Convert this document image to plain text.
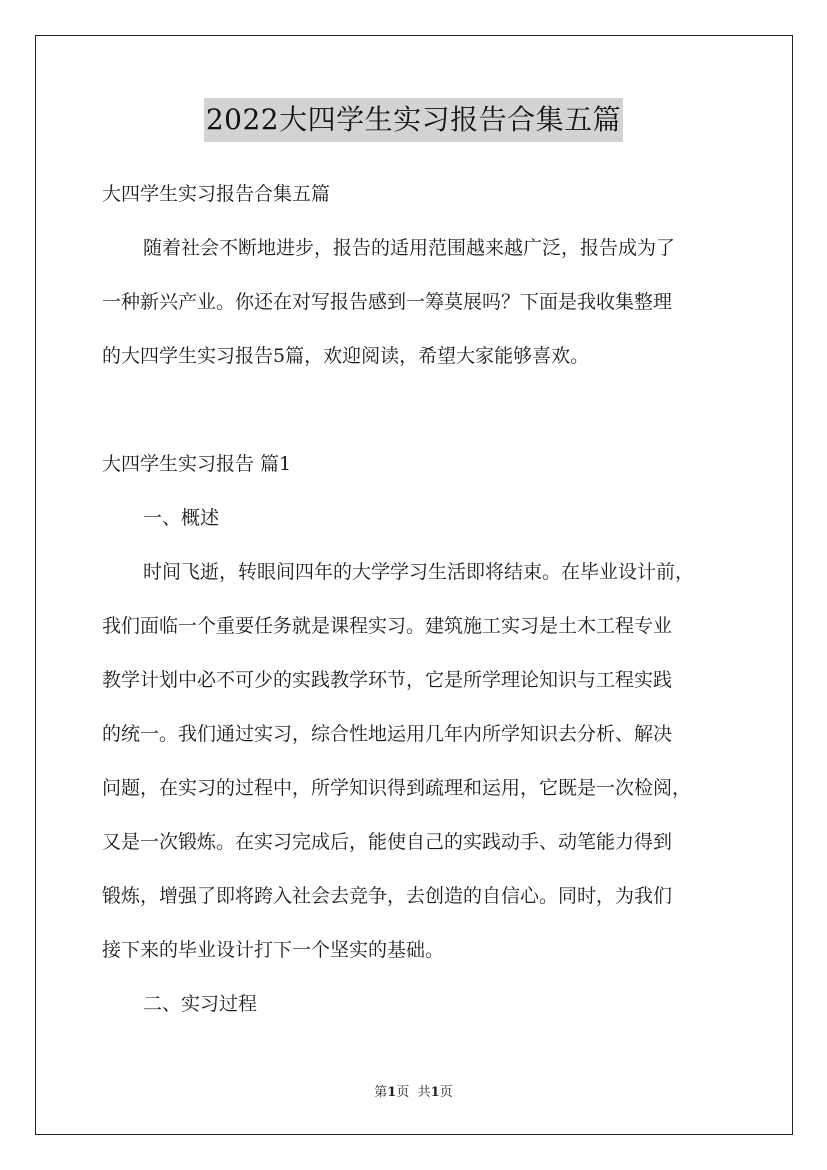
2022大四学生实习报告合集五篇
大四学生实习报告合集五篇
随着社会不断地进步，报告的适用范围越来越广泛，报告成为了
一种新兴产业。你还在对写报告感到一筹莫展吗？下面是我收集整理
的大四学生实习报告5篇，欢迎阅读，希望大家能够喜欢。
大四学生实习报告 篇1
一、概述
时间飞逝，转眼间四年的大学学习生活即将结束。在毕业设计前，
我们面临一个重要任务就是课程实习。建筑施工实习是土木工程专业
教学计划中必不可少的实践教学环节，它是所学理论知识与工程实践
的统一。我们通过实习，综合性地运用几年内所学知识去分析、解决
问题，在实习的过程中，所学知识得到疏理和运用，它既是一次检阅，
又是一次锻炼。在实习完成后，能使自己的实践动手、动笔能力得到
锻炼，增强了即将跨入社会去竞争，去创造的自信心。同时，为我们
接下来的毕业设计打下一个坚实的基础。
二、实习过程
第1页 共1页
